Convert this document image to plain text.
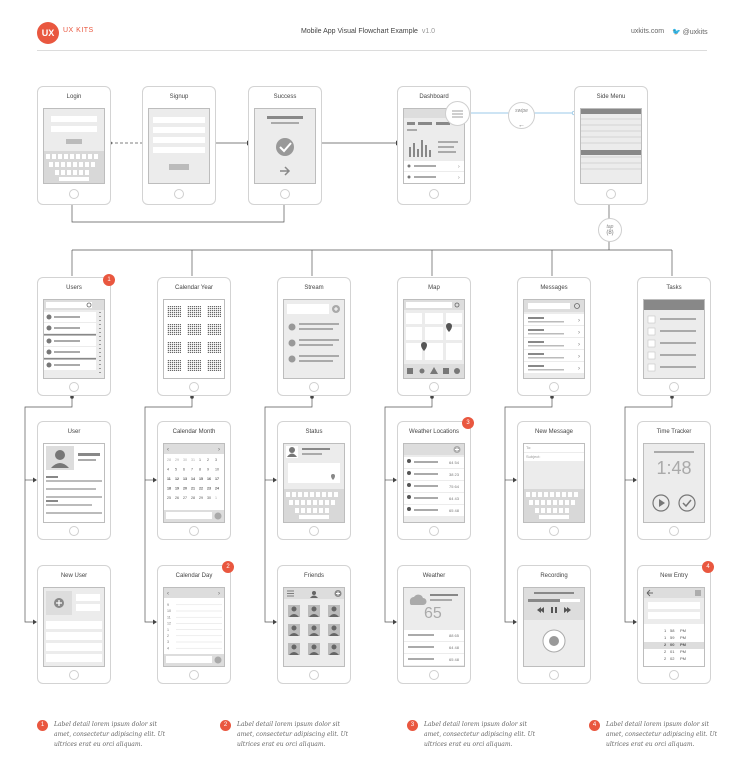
UX	UX KITS	Mobile App Visual Flowchart Example v1.0	uxkits.com 🐦 @uxkits
Login	Signup	Success	Dashboard
›
›
swipe
←
Side Menu
tap
(8)
Users
1
Calendar Year	Stream	Map	Messages
›
›
›
›
›
Tasks
User	Calendar Month
‹	›
28 29 30 31 1 2 3
4 5 6 7 8 9 10
11 12 13 14 15 16 17
18 19 20 21 22 23 24
25 26 27 28 29 30 1
Status	Weather Locations
64 54
38 23
75 64
64 43
65 48
3
New Message
To:
Subject:
Time Tracker
1:48
New User	Calendar Day
‹	›
9
10
11
12
1
2
3
4
2
Friends	Weather
65
88 65
64 48
65 48
Recording	New Entry
1 58 PM
1 59 PM
2 00 PM
2 01 PM
2 02 PM
4
1	Label detail lorem ipsum dolor sit amet, consectetur adipiscing elit. Ut ultrices erat eu orci aliquam.
2	Label detail lorem ipsum dolor sit amet, consectetur adipiscing elit. Ut ultrices erat eu orci aliquam.
3	Label detail lorem ipsum dolor sit amet, consectetur adipiscing elit. Ut ultrices erat eu orci aliquam.
4	Label detail lorem ipsum dolor sit amet, consectetur adipiscing elit. Ut ultrices erat eu orci aliquam.
